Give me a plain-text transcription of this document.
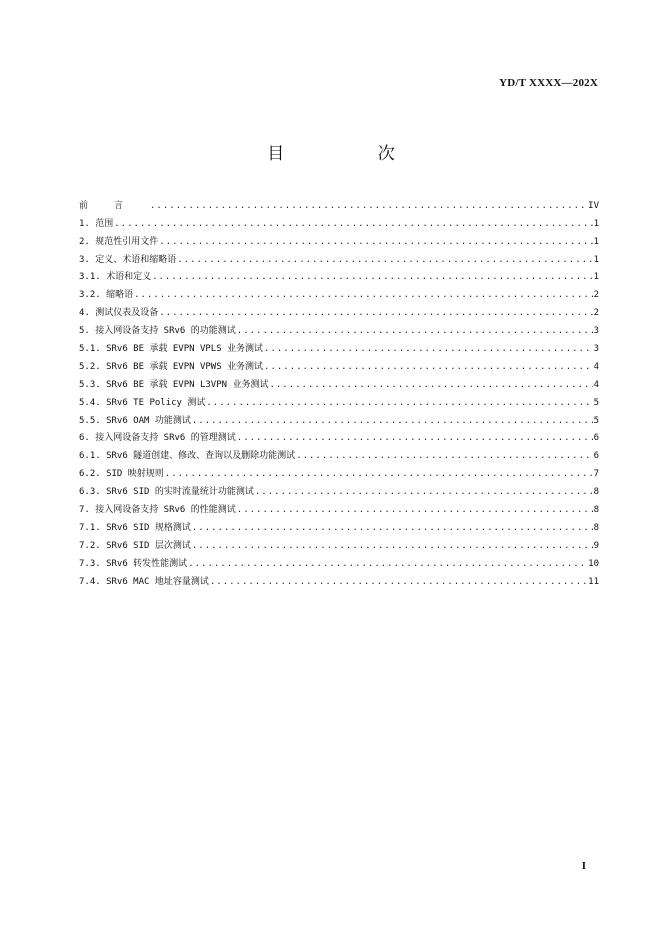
YD/T XXXX—202X
目 次
前言 .....	IV
1. 范围 .....	1
2. 规范性引用文件 .....	1
3. 定义、术语和缩略语 .....	1
3.1. 术语和定义 .....	1
3.2. 缩略语 .....	2
4. 测试仪表及设备 .....	2
5. 接入网设备支持 SRv6 的功能测试 .....	3
5.1. SRv6 BE 承载 EVPN VPLS 业务测试 .....	3
5.2. SRv6 BE 承载 EVPN VPWS 业务测试 .....	4
5.3. SRv6 BE 承载 EVPN L3VPN 业务测试 .....	4
5.4. SRv6 TE Policy 测试 .....	5
5.5. SRv6 OAM 功能测试 .....	5
6. 接入网设备支持 SRv6 的管理测试 .....	6
6.1. SRv6 隧道创建、修改、查询以及删除功能测试 .....	6
6.2. SID 映射规则 .....	7
6.3. SRv6 SID 的实时流量统计功能测试 .....	8
7. 接入网设备支持 SRv6 的性能测试 .....	8
7.1. SRv6 SID 规格测试 .....	8
7.2. SRv6 SID 层次测试 .....	9
7.3. SRv6 转发性能测试 .....	10
7.4. SRv6 MAC 地址容量测试 .....	11
I
